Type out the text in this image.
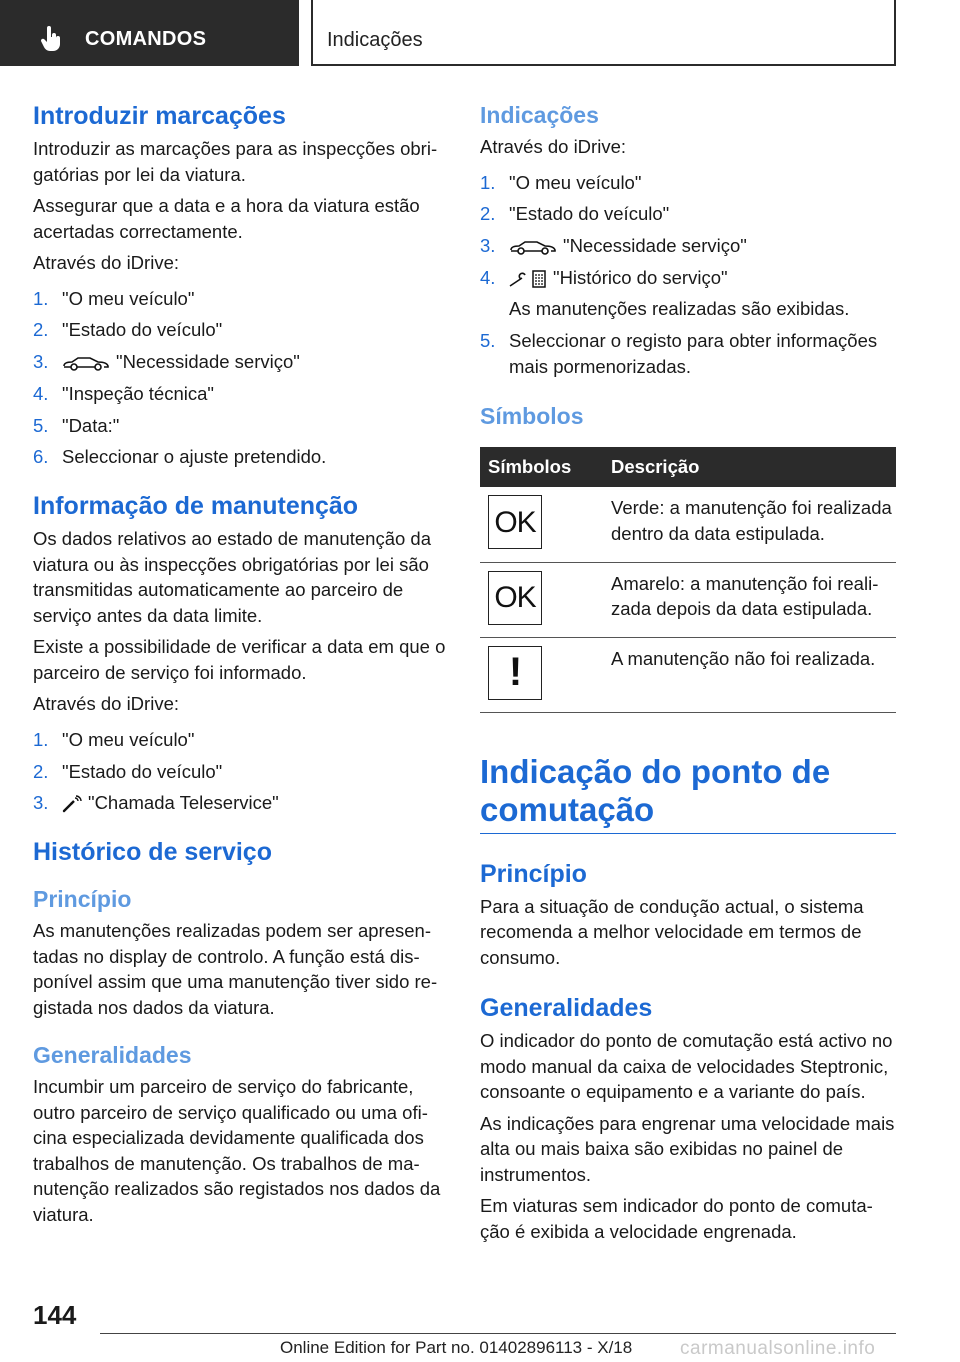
COMANDOS	Indicações
Introduzir marcações

Introduzir as marcações para as inspecções obrigatórias por lei da viatura.

Assegurar que a data e a hora da viatura estão acertadas correctamente.

Através do iDrive:

1. "O meu veículo"
2. "Estado do veículo"
3.	"Necessidade serviço"
4. "Inspeção técnica"
5. "Data:"
6. Seleccionar o ajuste pretendido.
Informação de manutenção

Os dados relativos ao estado de manutenção da viatura ou às inspecções obrigatórias por lei são transmitidas automaticamente ao parceiro de serviço antes da data limite.

Existe a possibilidade de verificar a data em que o parceiro de serviço foi informado.

Através do iDrive:

1. "O meu veículo"
2. "Estado do veículo"
3. "Chamada Teleservice"
Histórico de serviço
Princípio

As manutenções realizadas podem ser apresentadas no display de controlo. A função está disponível assim que uma manutenção tiver sido registada nos dados da viatura.

Generalidades

Incumbir um parceiro de serviço do fabricante, outro parceiro de serviço qualificado ou uma oficina especializada devidamente qualificada dos trabalhos de manutenção. Os trabalhos de manutenção realizados são registados nos dados da viatura.

Indicações

Através do iDrive:

1. "O meu veículo"
2. "Estado do veículo"
3.	"Necessidade serviço"
4.	"Histórico do serviço"
As manutenções realizadas são exibidas.
5. Seleccionar o registo para obter informações mais pormenorizadas.
Símbolos
Símbolos	Descrição

OK	Verde: a manutenção foi realizada dentro da data estipulada.

OK	Amarelo: a manutenção foi realizada depois da data estipulada.

!	A manutenção não foi realizada.
Indicação do ponto de comutação
Princípio

Para a situação de condução actual, o sistema recomenda a melhor velocidade em termos de consumo.

Generalidades

O indicador do ponto de comutação está activo no modo manual da caixa de velocidades Steptronic, consoante o equipamento e a variante do país.

As indicações para engrenar uma velocidade mais alta ou mais baixa são exibidas no painel de instrumentos.

Em viaturas sem indicador do ponto de comutação é exibida a velocidade engrenada.

144
Online Edition for Part no. 01402896113 - X/18	carmanualsonline.info
